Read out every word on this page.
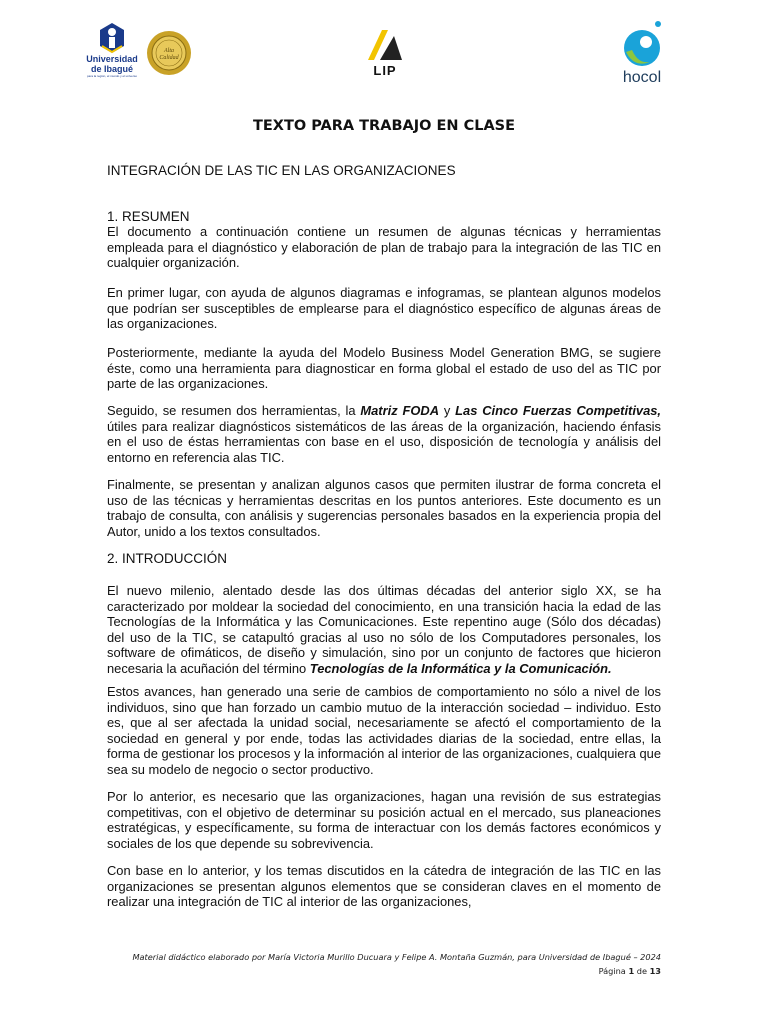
Universidad
de Ibagué
para la región, el mundo y el universo
Alta
Calidad
LIP	hocol
TEXTO PARA TRABAJO EN CLASE
INTEGRACIÓN DE LAS TIC EN LAS ORGANIZACIONES
1. RESUMEN

El documento a continuación contiene un resumen de algunas técnicas y herramientas empleada para el diagnóstico y elaboración de plan de trabajo para la integración de las TIC en cualquier organización.

En primer lugar, con ayuda de algunos diagramas e infogramas, se plantean algunos modelos que podrían ser susceptibles de emplearse para el diagnóstico específico de algunas áreas de las organizaciones.

Posteriormente, mediante la ayuda del Modelo Business Model Generation BMG, se sugiere éste, como una herramienta para diagnosticar en forma global el estado de uso del as TIC por parte de las organizaciones.

Seguido, se resumen dos herramientas, la Matriz FODA y Las Cinco Fuerzas Competitivas, útiles para realizar diagnósticos sistemáticos de las áreas de la organización, haciendo énfasis en el uso de éstas herramientas con base en el uso, disposición de tecnología y análisis del entorno en referencia alas TIC.

Finalmente, se presentan y analizan algunos casos que permiten ilustrar de forma concreta el uso de las técnicas y herramientas descritas en los puntos anteriores. Este documento es un trabajo de consulta, con análisis y sugerencias personales basados en la experiencia propia del Autor, unido a los textos consultados.

2. INTRODUCCIÓN

El nuevo milenio, alentado desde las dos últimas décadas del anterior siglo XX, se ha caracterizado por moldear la sociedad del conocimiento, en una transición hacia la edad de las Tecnologías de la Informática y las Comunicaciones. Este repentino auge (Sólo dos décadas) del uso de la TIC, se catapultó gracias al uso no sólo de los Computadores personales, los software de ofimáticos, de diseño y simulación, sino por un conjunto de factores que hicieron necesaria la acuñación del término Tecnologías de la Informática y la Comunicación.

Estos avances, han generado una serie de cambios de comportamiento no sólo a nivel de los individuos, sino que han forzado un cambio mutuo de la interacción sociedad – individuo. Esto es, que al ser afectada la unidad social, necesariamente se afectó el comportamiento de la sociedad en general y por ende, todas las actividades diarias de la sociedad, entre ellas, la forma de gestionar los procesos y la información al interior de las organizaciones, cualquiera que sea su modelo de negocio o sector productivo.

Por lo anterior, es necesario que las organizaciones, hagan una revisión de sus estrategias competitivas, con el objetivo de determinar su posición actual en el mercado, sus planeaciones estratégicas, y específicamente, su forma de interactuar con los demás factores económicos y sociales de los que depende su sobrevivencia.

Con base en lo anterior, y los temas discutidos en la cátedra de integración de las TIC en las organizaciones se presentan algunos elementos que se consideran claves en el momento de realizar una integración de TIC al interior de las organizaciones,

Material didáctico elaborado por María Victoria Murillo Ducuara y Felipe A. Montaña Guzmán, para Universidad de Ibagué – 2024
Página 1 de 13
